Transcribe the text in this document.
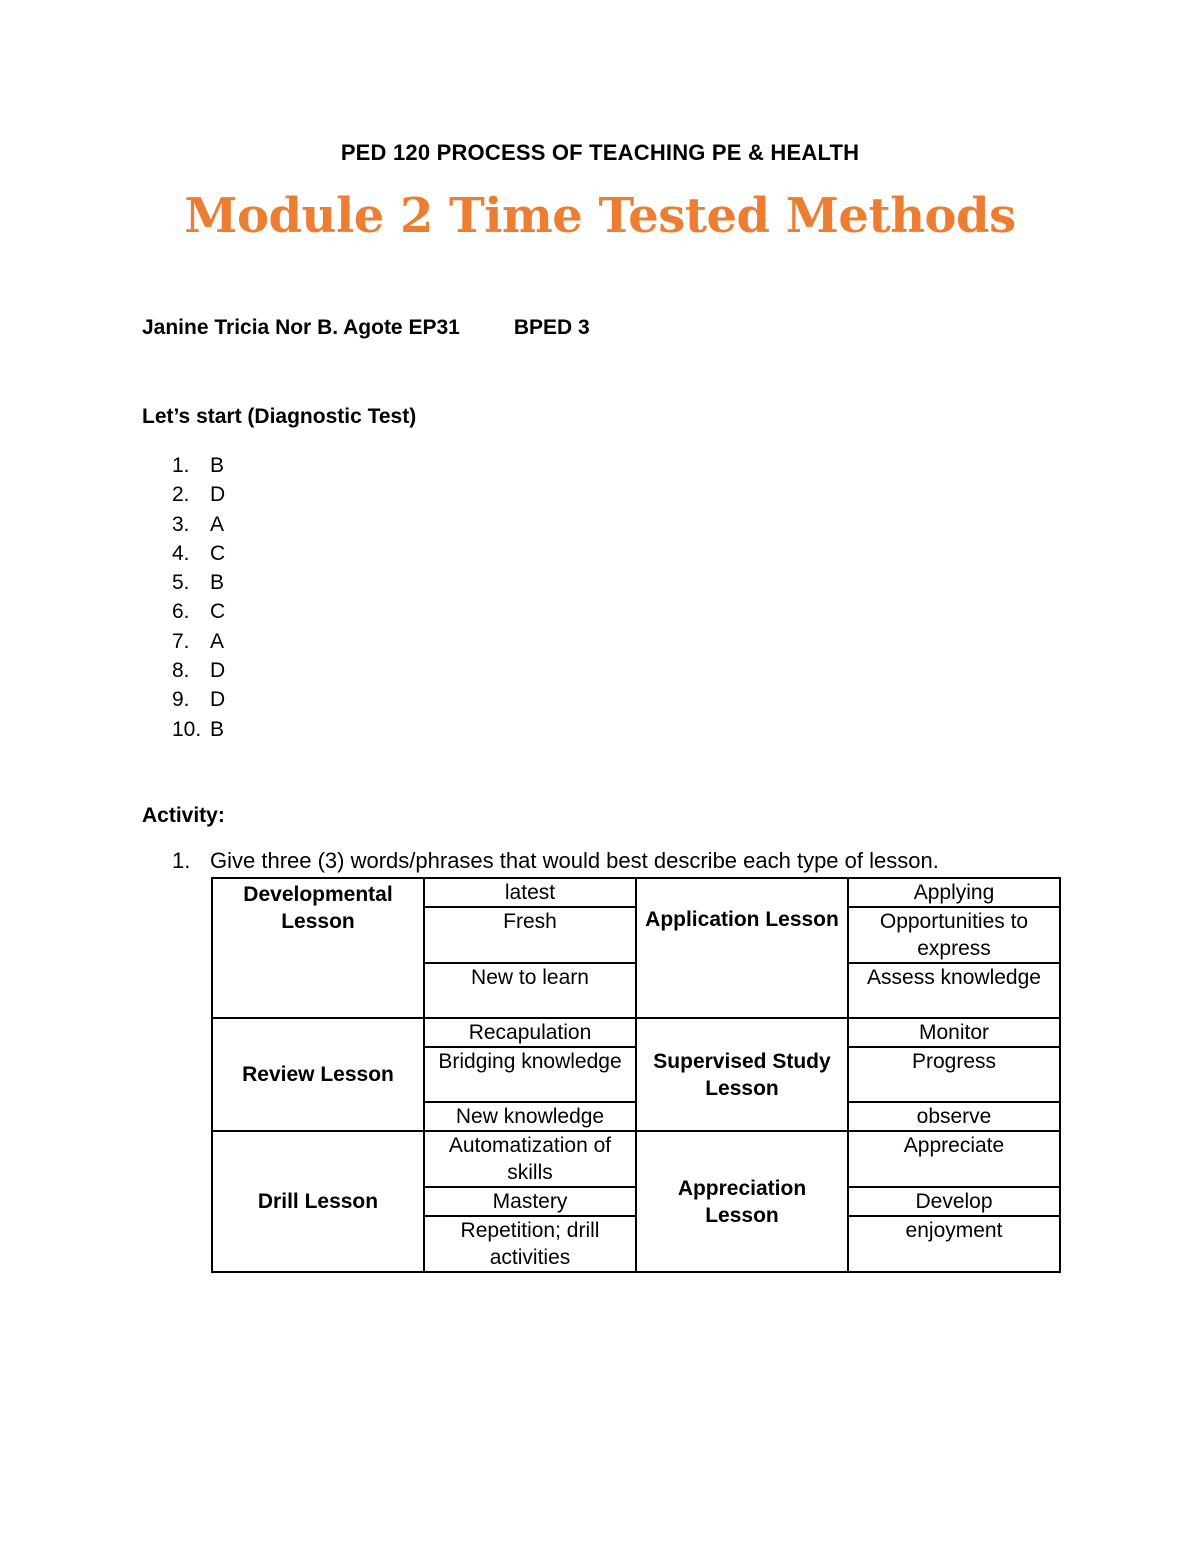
PED 120 PROCESS OF TEACHING PE & HEALTH
Module 2 Time Tested Methods
Janine Tricia Nor B. Agote EP31	BPED 3
Let’s start (Diagnostic Test)
1. B
2. D
3. A
4. C
5. B
6. C
7. A
8. D
9. D
10. B
Activity:
1. Give three (3) words/phrases that would best describe each type of lesson.
Developmental Lesson	latest	Application Lesson	Applying
	Fresh		Opportunities to express
	New to learn		Assess knowledge
Review Lesson	Recapulation	Supervised Study Lesson	Monitor
	Bridging knowledge		Progress
	New knowledge		observe
Drill Lesson	Automatization of skills	Appreciation Lesson	Appreciate
	Mastery		Develop
	Repetition; drill activities		enjoyment
